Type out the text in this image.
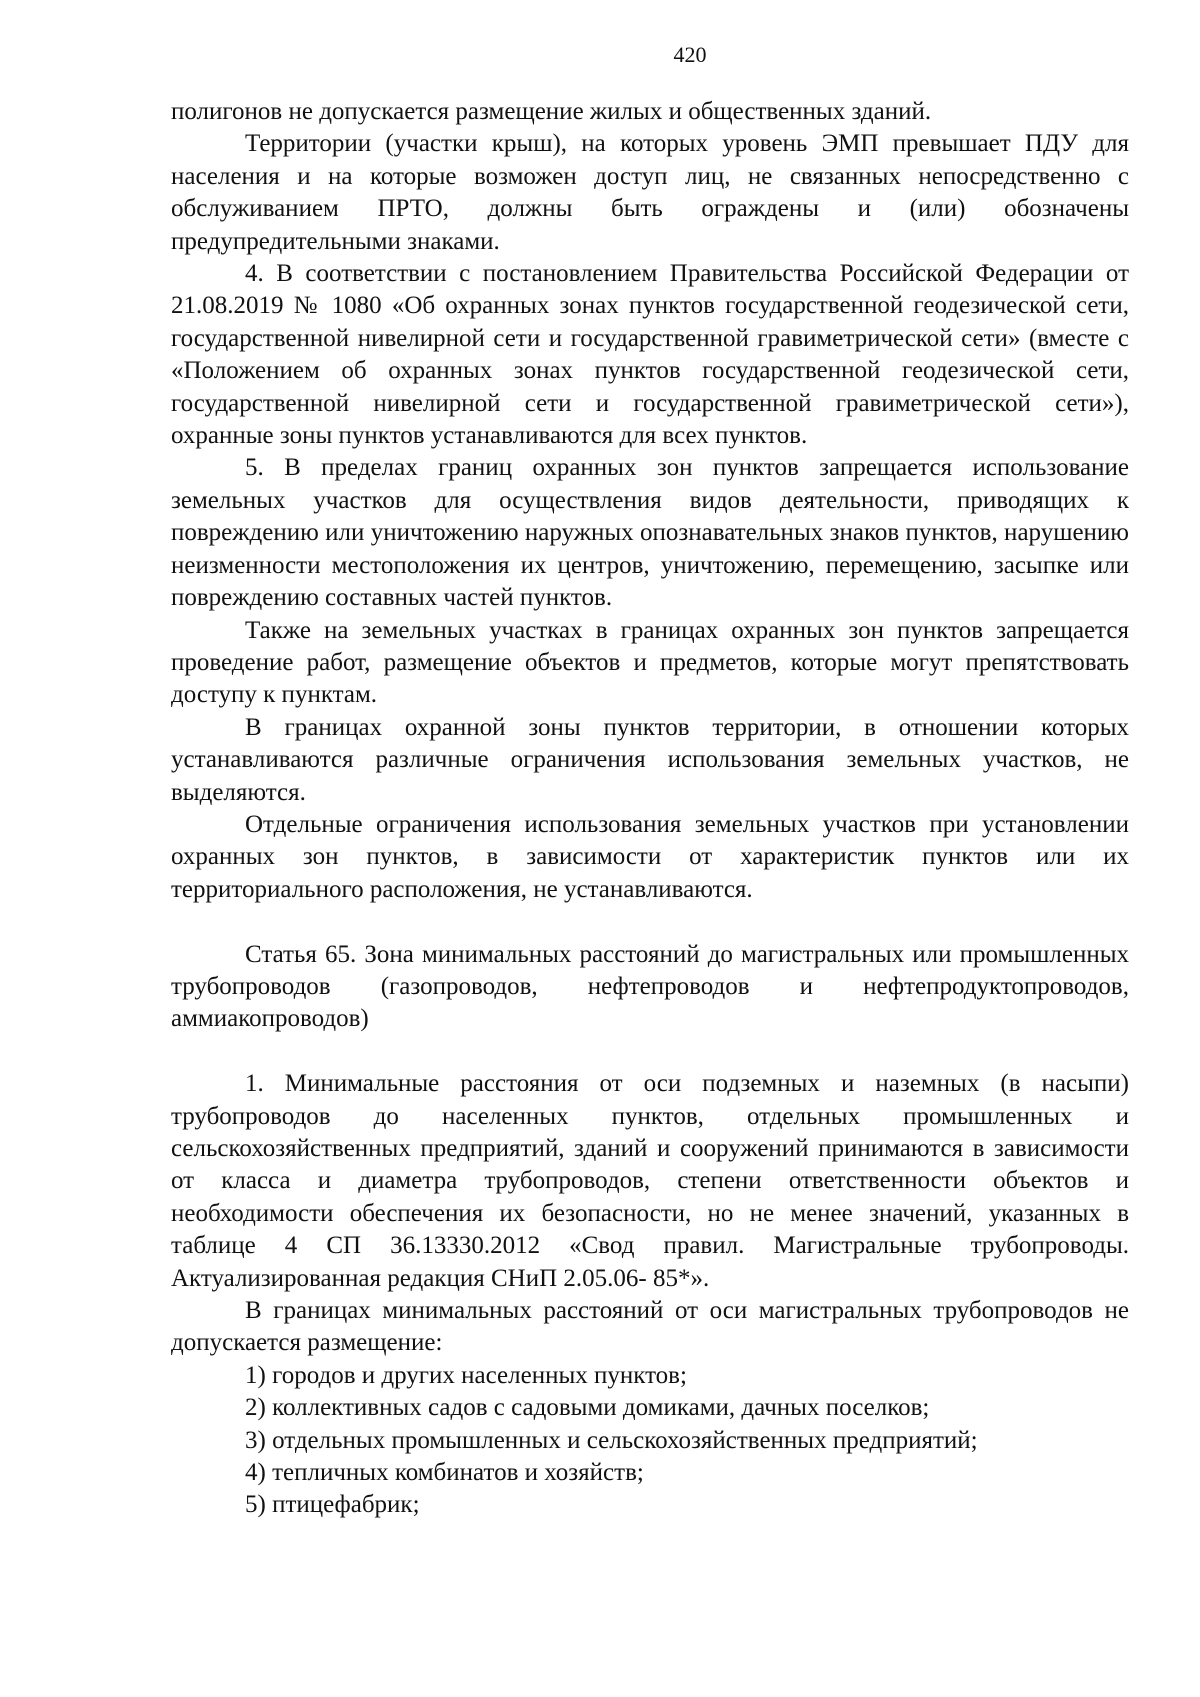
420

полигонов не допускается размещение жилых и общественных зданий.

Территории (участки крыш), на которых уровень ЭМП превышает ПДУ для населения и на которые возможен доступ лиц, не связанных непосредственно с обслуживанием ПРТО, должны быть ограждены и (или) обозначены предупредительными знаками.

4. В соответствии с постановлением Правительства Российской Федерации от 21.08.2019 № 1080 «Об охранных зонах пунктов государственной геодезической сети, государственной нивелирной сети и государственной гравиметрической сети» (вместе с «Положением об охранных зонах пунктов государственной геодезической сети, государственной нивелирной сети и государственной гравиметрической сети»), охранные зоны пунктов устанавливаются для всех пунктов.

5. В пределах границ охранных зон пунктов запрещается использование земельных участков для осуществления видов деятельности, приводящих к повреждению или уничтожению наружных опознавательных знаков пунктов, нарушению неизменности местоположения их центров, уничтожению, перемещению, засыпке или повреждению составных частей пунктов.

Также на земельных участках в границах охранных зон пунктов запрещается проведение работ, размещение объектов и предметов, которые могут препятствовать доступу к пунктам.

В границах охранной зоны пунктов территории, в отношении которых устанавливаются различные ограничения использования земельных участков, не выделяются.

Отдельные ограничения использования земельных участков при установлении охранных зон пунктов, в зависимости от характеристик пунктов или их территориального расположения, не устанавливаются.

Статья 65. Зона минимальных расстояний до магистральных или промышленных трубопроводов (газопроводов, нефтепроводов и нефтепродуктопроводов, аммиакопроводов)

1. Минимальные расстояния от оси подземных и наземных (в насыпи) трубопроводов до населенных пунктов, отдельных промышленных и сельскохозяйственных предприятий, зданий и сооружений принимаются в зависимости от класса и диаметра трубопроводов, степени ответственности объектов и необходимости обеспечения их безопасности, но не менее значений, указанных в таблице 4 СП 36.13330.2012 «Свод правил. Магистральные трубопроводы. Актуализированная редакция СНиП 2.05.06- 85*».

В границах минимальных расстояний от оси магистральных трубопроводов не допускается размещение:

1) городов и других населенных пунктов;

2) коллективных садов с садовыми домиками, дачных поселков;

3) отдельных промышленных и сельскохозяйственных предприятий;

4) тепличных комбинатов и хозяйств;

5) птицефабрик;
